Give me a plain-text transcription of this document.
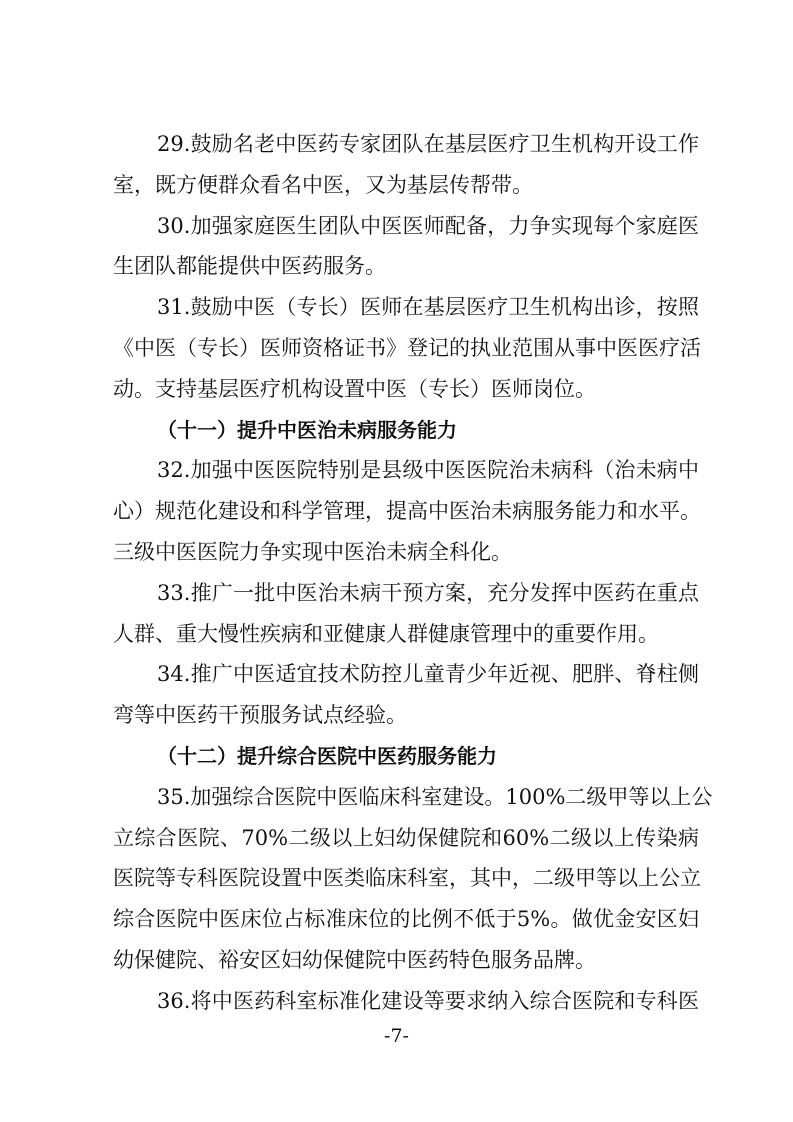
29.鼓励名老中医药专家团队在基层医疗卫生机构开设工作
室，既方便群众看名中医，又为基层传帮带。
30.加强家庭医生团队中医医师配备，力争实现每个家庭医
生团队都能提供中医药服务。
31.鼓励中医（专长）医师在基层医疗卫生机构出诊，按照
《中医（专长）医师资格证书》登记的执业范围从事中医医疗活
动。支持基层医疗机构设置中医（专长）医师岗位。
（十一）提升中医治未病服务能力
32.加强中医医院特别是县级中医医院治未病科（治未病中
心）规范化建设和科学管理，提高中医治未病服务能力和水平。
三级中医医院力争实现中医治未病全科化。
33.推广一批中医治未病干预方案，充分发挥中医药在重点
人群、重大慢性疾病和亚健康人群健康管理中的重要作用。
34.推广中医适宜技术防控儿童青少年近视、肥胖、脊柱侧
弯等中医药干预服务试点经验。
（十二）提升综合医院中医药服务能力
35.加强综合医院中医临床科室建设。100%二级甲等以上公
立综合医院、70%二级以上妇幼保健院和60%二级以上传染病
医院等专科医院设置中医类临床科室，其中，二级甲等以上公立
综合医院中医床位占标准床位的比例不低于5%。做优金安区妇
幼保健院、裕安区妇幼保健院中医药特色服务品牌。
36.将中医药科室标准化建设等要求纳入综合医院和专科医
-7-
